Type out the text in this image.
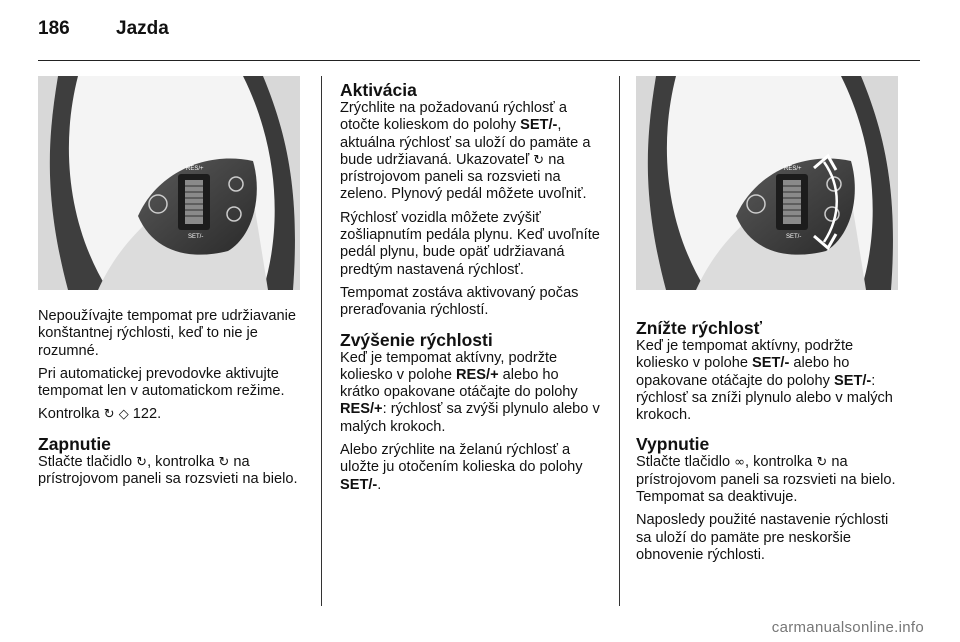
186	Jazda
RES/+
SET/-

Nepoužívajte tempomat pre udržiavanie konštantnej rýchlosti, keď to nie je rozumné.

Pri automatickej prevodovke aktivujte tempomat len v automatickom režime.

Kontrolka ↻ ◇ 122.

Zapnutie

Stlačte tlačidlo ↻, kontrolka ↻ na prístrojovom paneli sa rozsvieti na bielo.

Aktivácia

Zrýchlite na požadovanú rýchlosť a otočte kolieskom do polohy SET/-, aktuálna rýchlosť sa uloží do pamäte a bude udržiavaná. Ukazovateľ ↻ na prístrojovom paneli sa rozsvieti na zeleno. Plynový pedál môžete uvoľniť.

Rýchlosť vozidla môžete zvýšiť zošliapnutím pedála plynu. Keď uvoľníte pedál plynu, bude opäť udržiavaná predtým nastavená rýchlosť.

Tempomat zostáva aktivovaný počas preraďovania rýchlostí.

Zvýšenie rýchlosti

Keď je tempomat aktívny, podržte koliesko v polohe RES/+ alebo ho krátko opakovane otáčajte do polohy RES/+: rýchlosť sa zvýši plynulo alebo v malých krokoch.

Alebo zrýchlite na želanú rýchlosť a uložte ju otočením kolieska do polohy SET/-.

RES/+
SET/-
Znížte rýchlosť

Keď je tempomat aktívny, podržte koliesko v polohe SET/- alebo ho opakovane otáčajte do polohy SET/-: rýchlosť sa zníži plynulo alebo v malých krokoch.

Vypnutie

Stlačte tlačidlo ∞, kontrolka ↻ na prístrojovom paneli sa rozsvieti na bielo. Tempomat sa deaktivuje.

Naposledy použité nastavenie rýchlosti sa uloží do pamäte pre neskoršie obnovenie rýchlosti.

carmanualsonline.info
